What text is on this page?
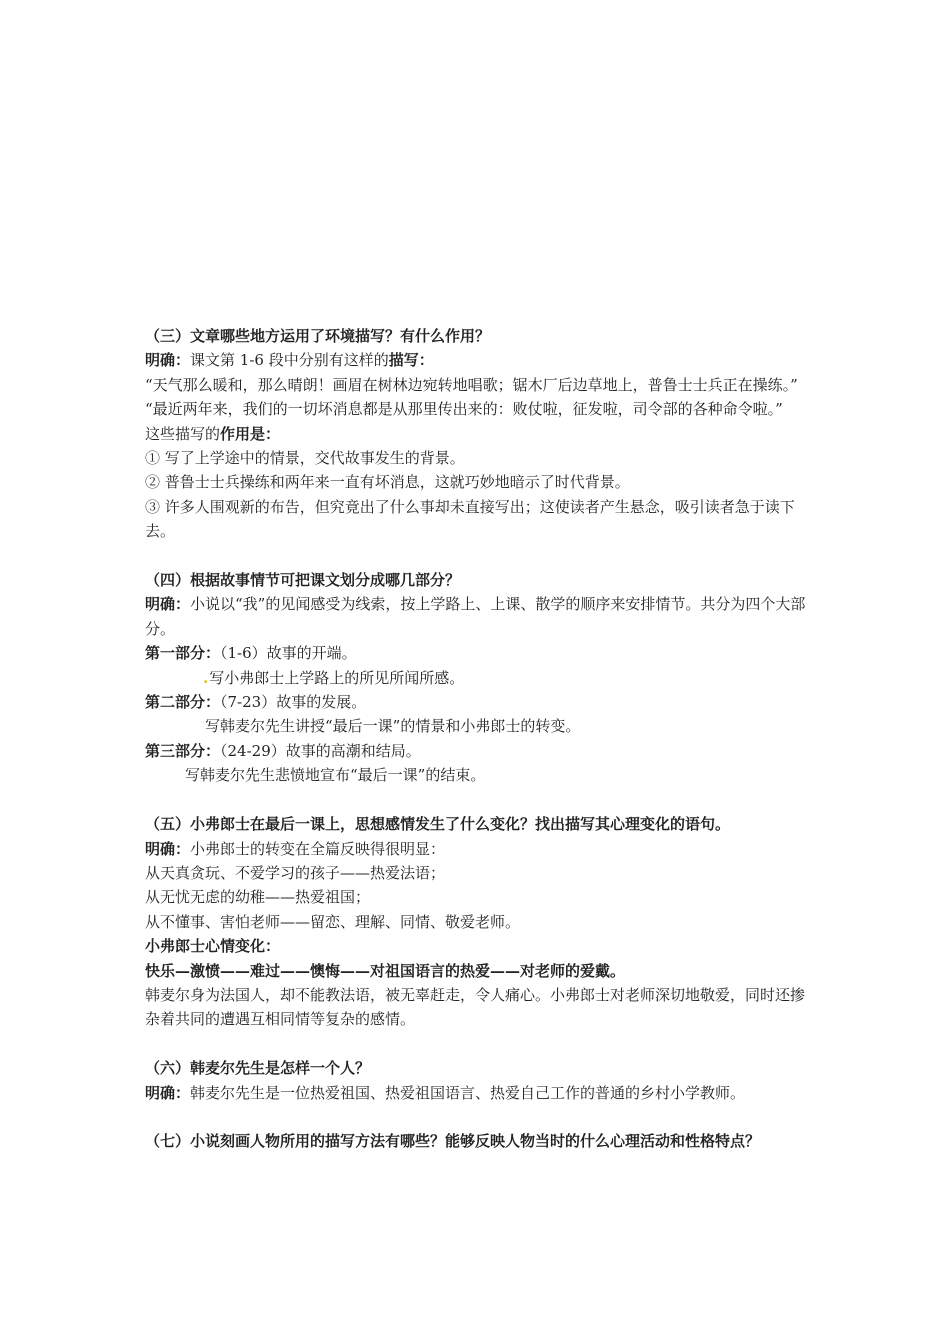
（三）文章哪些地方运用了环境描写？有什么作用？
明确：课文第 1-6 段中分别有这样的描写：
“天气那么暖和，那么晴朗！画眉在树林边宛转地唱歌；锯木厂后边草地上，普鲁士士兵正在操练。” “最近两年来，我们的一切坏消息都是从那里传出来的：败仗啦，征发啦，司令部的各种命令啦。”
这些描写的作用是：
① 写了上学途中的情景，交代故事发生的背景。
② 普鲁士士兵操练和两年来一直有坏消息，这就巧妙地暗示了时代背景。
③ 许多人围观新的布告，但究竟出了什么事却未直接写出；这使读者产生悬念，吸引读者急于读下去。
（四）根据故事情节可把课文划分成哪几部分？
明确：小说以“我”的见闻感受为线索，按上学路上、上课、散学的顺序来安排情节。共分为四个大部分。
第一部分：（1-6）故事的开端。
.写小弗郎士上学路上的所见所闻所感。
第二部分：（7-23）故事的发展。
写韩麦尔先生讲授“最后一课”的情景和小弗郎士的转变。
第三部分：（24-29）故事的高潮和结局。
写韩麦尔先生悲愤地宣布“最后一课”的结束。
（五）小弗郎士在最后一课上，思想感情发生了什么变化？找出描写其心理变化的语句。
明确：小弗郎士的转变在全篇反映得很明显：
从天真贪玩、不爱学习的孩子——热爱法语；
从无忧无虑的幼稚——热爱祖国；
从不懂事、害怕老师——留恋、理解、同情、敬爱老师。
小弗郎士心情变化：
快乐—激愤——难过——懊悔——对祖国语言的热爱——对老师的爱戴。
韩麦尔身为法国人，却不能教法语，被无辜赶走，令人痛心。小弗郎士对老师深切地敬爱，同时还掺杂着共同的遭遇互相同情等复杂的感情。
（六）韩麦尔先生是怎样一个人？
明确：韩麦尔先生是一位热爱祖国、热爱祖国语言、热爱自己工作的普通的乡村小学教师。
（七）小说刻画人物所用的描写方法有哪些？能够反映人物当时的什么心理活动和性格特点？
